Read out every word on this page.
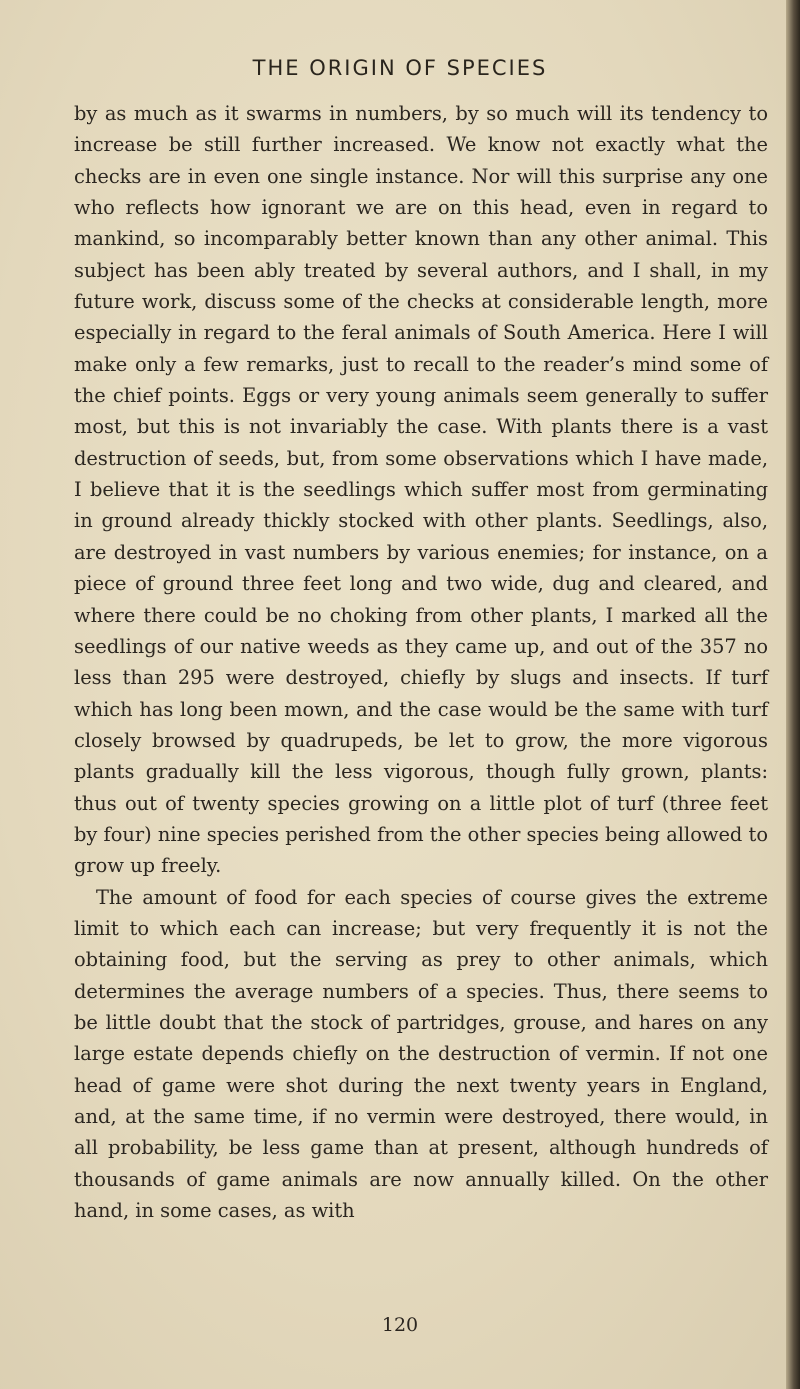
THE ORIGIN OF SPECIES

by as much as it swarms in numbers, by so much will its tendency to increase be still further increased. We know not exactly what the checks are in even one single instance. Nor will this surprise any one who reflects how ignorant we are on this head, even in regard to mankind, so incomparably better known than any other animal. This subject has been ably treated by several authors, and I shall, in my future work, discuss some of the checks at considerable length, more especially in regard to the feral animals of South America. Here I will make only a few remarks, just to recall to the reader’s mind some of the chief points. Eggs or very young animals seem generally to suffer most, but this is not invariably the case. With plants there is a vast destruction of seeds, but, from some observations which I have made, I believe that it is the seedlings which suffer most from germinating in ground already thickly stocked with other plants. Seedlings, also, are destroyed in vast numbers by various enemies; for instance, on a piece of ground three feet long and two wide, dug and cleared, and where there could be no choking from other plants, I marked all the seedlings of our native weeds as they came up, and out of the 357 no less than 295 were destroyed, chiefly by slugs and insects. If turf which has long been mown, and the case would be the same with turf closely browsed by quadrupeds, be let to grow, the more vigorous plants gradually kill the less vigorous, though fully grown, plants: thus out of twenty species growing on a little plot of turf (three feet by four) nine species perished from the other species being allowed to grow up freely.

The amount of food for each species of course gives the extreme limit to which each can increase; but very frequently it is not the obtaining food, but the serving as prey to other animals, which determines the average numbers of a species. Thus, there seems to be little doubt that the stock of partridges, grouse, and hares on any large estate depends chiefly on the destruction of vermin. If not one head of game were shot during the next twenty years in England, and, at the same time, if no vermin were destroyed, there would, in all probability, be less game than at present, although hundreds of thousands of game animals are now annually killed. On the other hand, in some cases, as with

120
